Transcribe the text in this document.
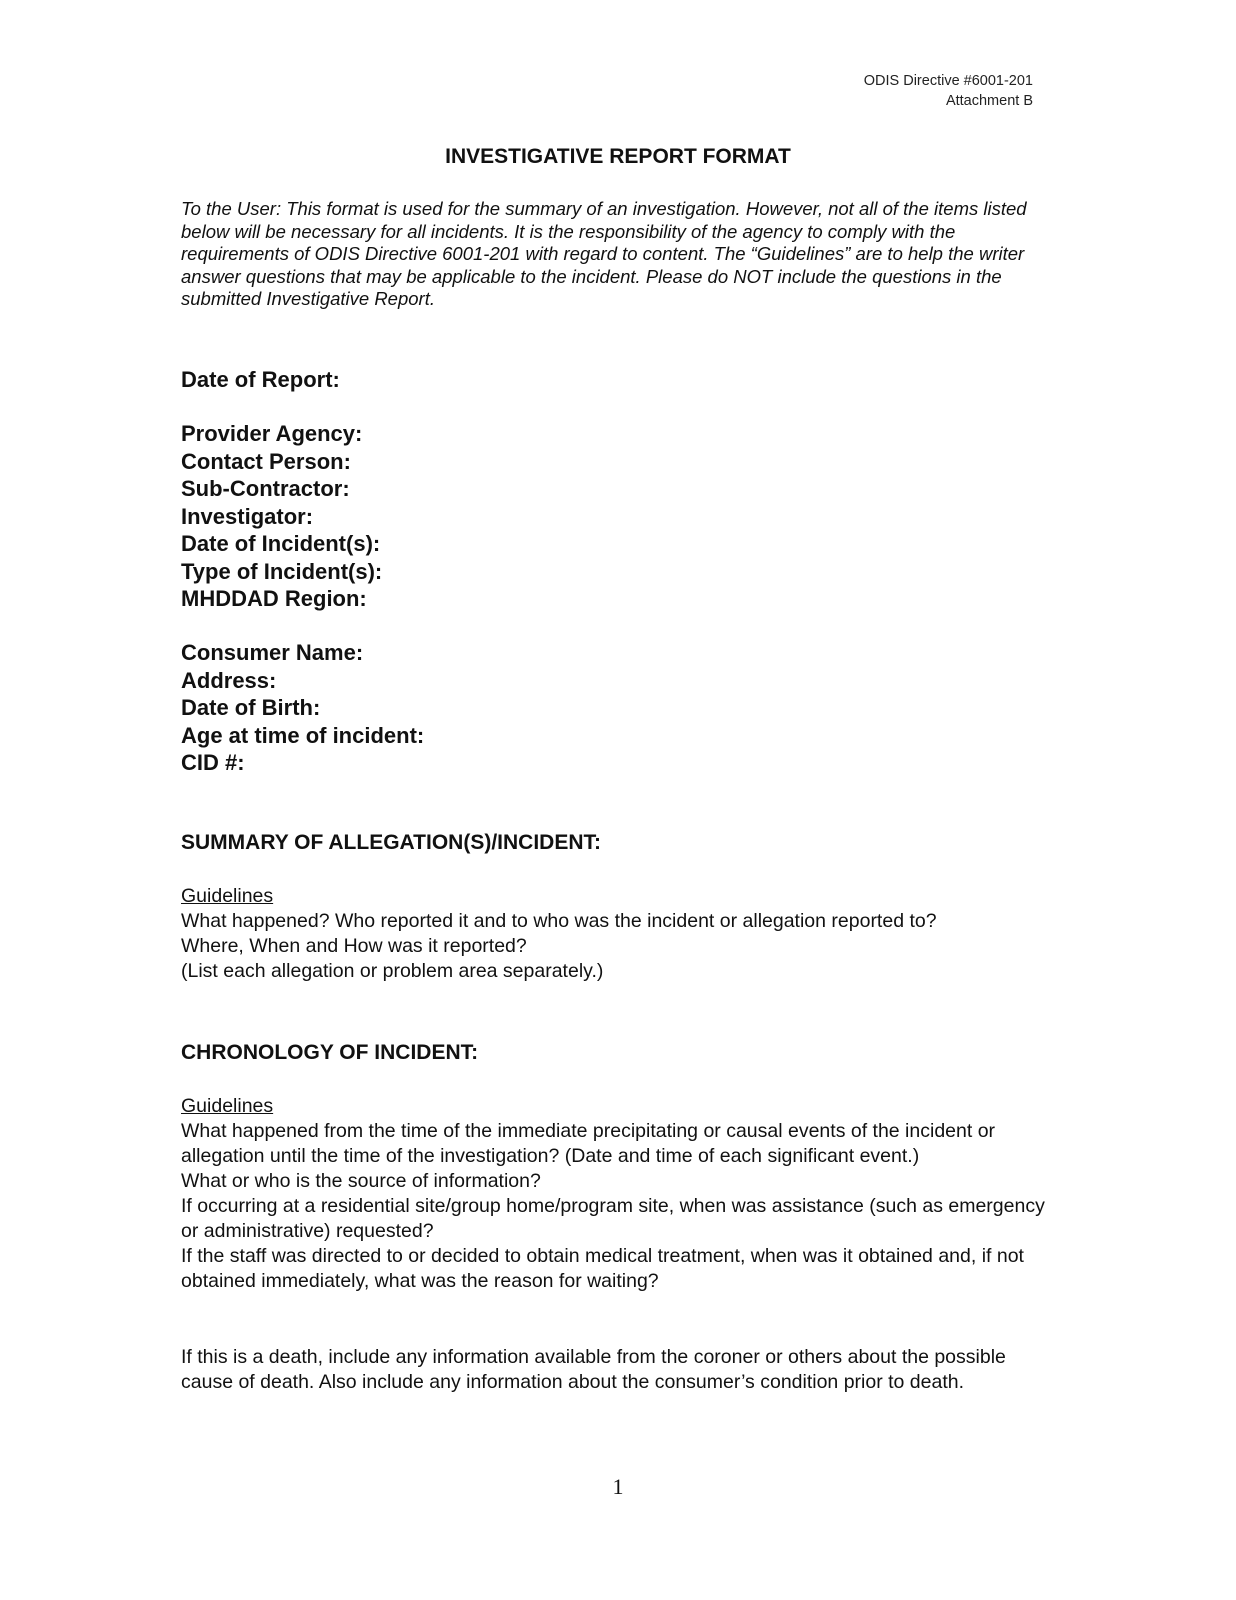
ODIS Directive #6001-201
Attachment B
INVESTIGATIVE REPORT FORMAT

To the User: This format is used for the summary of an investigation. However, not all of the items listed below will be necessary for all incidents. It is the responsibility of the agency to comply with the requirements of ODIS Directive 6001-201 with regard to content. The “Guidelines” are to help the writer answer questions that may be applicable to the incident. Please do NOT include the questions in the submitted Investigative Report.

Date of Report:
Provider Agency:
Contact Person:
Sub-Contractor:
Investigator:
Date of Incident(s):
Type of Incident(s):
MHDDAD Region:
Consumer Name:
Address:
Date of Birth:
Age at time of incident:
CID #:
SUMMARY OF ALLEGATION(S)/INCIDENT:
Guidelines

What happened? Who reported it and to who was the incident or allegation reported to?

Where, When and How was it reported?

(List each allegation or problem area separately.)

CHRONOLOGY OF INCIDENT:
Guidelines

What happened from the time of the immediate precipitating or causal events of the incident or allegation until the time of the investigation? (Date and time of each significant event.)

What or who is the source of information?

If occurring at a residential site/group home/program site, when was assistance (such as emergency or administrative) requested?

If the staff was directed to or decided to obtain medical treatment, when was it obtained and, if not obtained immediately, what was the reason for waiting?

If this is a death, include any information available from the coroner or others about the possible cause of death. Also include any information about the consumer’s condition prior to death.

1
